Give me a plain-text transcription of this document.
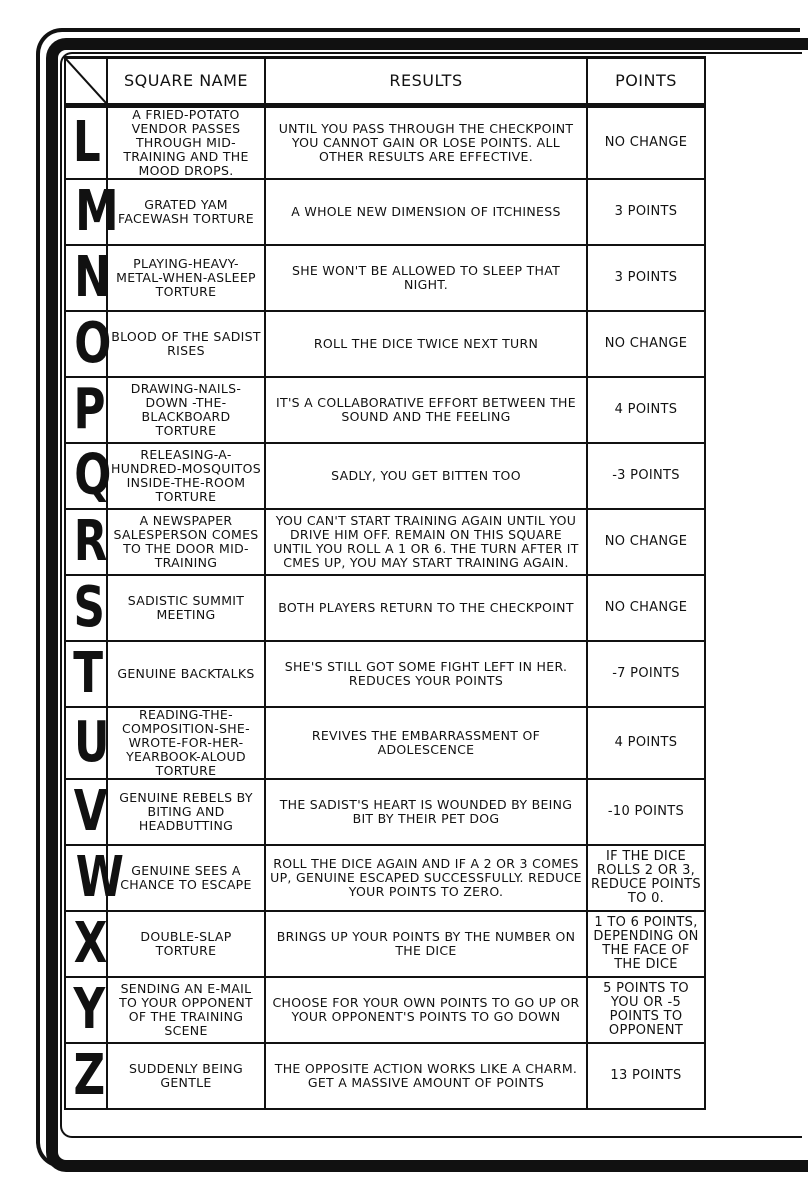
	SQUARE NAME	RESULTS	POINTS
L	A FRIED-POTATO VENDOR PASSES THROUGH MID-TRAINING AND THE MOOD DROPS.	UNTIL YOU PASS THROUGH THE CHECKPOINT YOU CANNOT GAIN OR LOSE POINTS. ALL OTHER RESULTS ARE EFFECTIVE.	NO CHANGE
M	GRATED YAM FACEWASH TORTURE	A WHOLE NEW DIMENSION OF ITCHINESS	3 POINTS
N	PLAYING-HEAVY-METAL-WHEN-ASLEEP TORTURE	SHE WON'T BE ALLOWED TO SLEEP THAT NIGHT.	3 POINTS
O	BLOOD OF THE SADIST RISES	ROLL THE DICE TWICE NEXT TURN	NO CHANGE
P	DRAWING-NAILS-DOWN -THE-BLACKBOARD TORTURE	IT'S A COLLABORATIVE EFFORT BETWEEN THE SOUND AND THE FEELING	4 POINTS
Q	RELEASING-A-HUNDRED-MOSQUITOS INSIDE-THE-ROOM TORTURE	SADLY, YOU GET BITTEN TOO	-3 POINTS
R	A NEWSPAPER SALESPERSON COMES TO THE DOOR MID-TRAINING	YOU CAN'T START TRAINING AGAIN UNTIL YOU DRIVE HIM OFF. REMAIN ON THIS SQUARE UNTIL YOU ROLL A 1 OR 6. THE TURN AFTER IT CMES UP, YOU MAY START TRAINING AGAIN.	NO CHANGE
S	SADISTIC SUMMIT MEETING	BOTH PLAYERS RETURN TO THE CHECKPOINT	NO CHANGE
T	GENUINE BACKTALKS	SHE'S STILL GOT SOME FIGHT LEFT IN HER. REDUCES YOUR POINTS	-7 POINTS
U	READING-THE-COMPOSITION-SHE-WROTE-FOR-HER-YEARBOOK-ALOUD TORTURE	REVIVES THE EMBARRASSMENT OF ADOLESCENCE	4 POINTS
V	GENUINE REBELS BY BITING AND HEADBUTTING	THE SADIST'S HEART IS WOUNDED BY BEING BIT BY THEIR PET DOG	-10 POINTS
W	GENUINE SEES A CHANCE TO ESCAPE	ROLL THE DICE AGAIN AND IF A 2 OR 3 COMES UP, GENUINE ESCAPED SUCCESSFULLY. REDUCE YOUR POINTS TO ZERO.	IF THE DICE ROLLS 2 OR 3, REDUCE POINTS TO 0.
X	DOUBLE-SLAP TORTURE	BRINGS UP YOUR POINTS BY THE NUMBER ON THE DICE	1 TO 6 POINTS, DEPENDING ON THE FACE OF THE DICE
Y	SENDING AN E-MAIL TO YOUR OPPONENT OF THE TRAINING SCENE	CHOOSE FOR YOUR OWN POINTS TO GO UP OR YOUR OPPONENT'S POINTS TO GO DOWN	5 POINTS TO YOU OR -5 POINTS TO OPPONENT
Z	SUDDENLY BEING GENTLE	THE OPPOSITE ACTION WORKS LIKE A CHARM. GET A MASSIVE AMOUNT OF POINTS	13 POINTS
